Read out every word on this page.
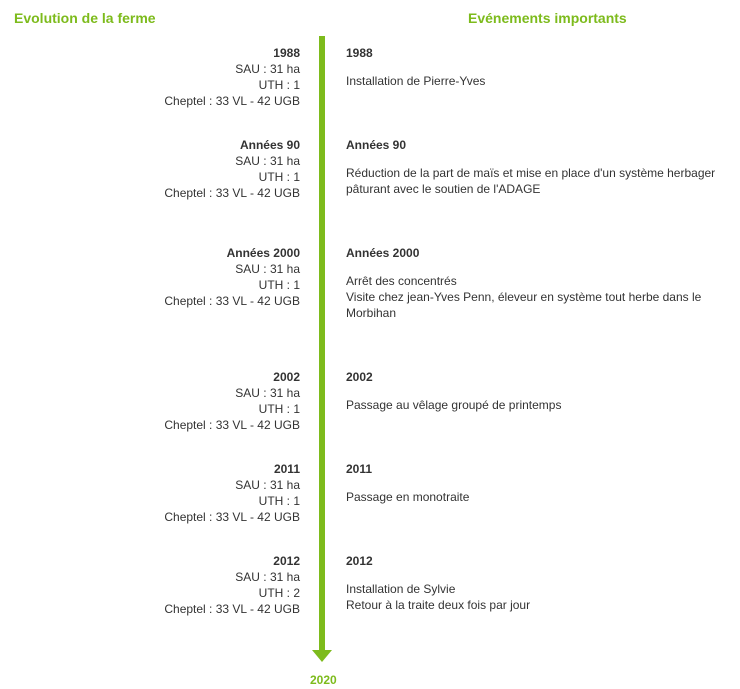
Evolution de la ferme	Evénements importants
2020
1988
SAU : 31 ha
UTH : 1
Cheptel : 33 VL - 42 UGB
1988
Installation de Pierre-Yves
Années 90
SAU : 31 ha
UTH : 1
Cheptel : 33 VL - 42 UGB
Années 90
Réduction de la part de maïs et mise en place d'un système herbager pâturant avec le soutien de l'ADAGE
Années 2000
SAU : 31 ha
UTH : 1
Cheptel : 33 VL - 42 UGB
Années 2000
Arrêt des concentrés
Visite chez jean-Yves Penn, éleveur en système tout herbe dans le Morbihan
2002
SAU : 31 ha
UTH : 1
Cheptel : 33 VL - 42 UGB
2002
Passage au vêlage groupé de printemps
2011
SAU : 31 ha
UTH : 1
Cheptel : 33 VL - 42 UGB
2011
Passage en monotraite
2012
SAU : 31 ha
UTH : 2
Cheptel : 33 VL - 42 UGB
2012
Installation de Sylvie
Retour à la traite deux fois par jour
